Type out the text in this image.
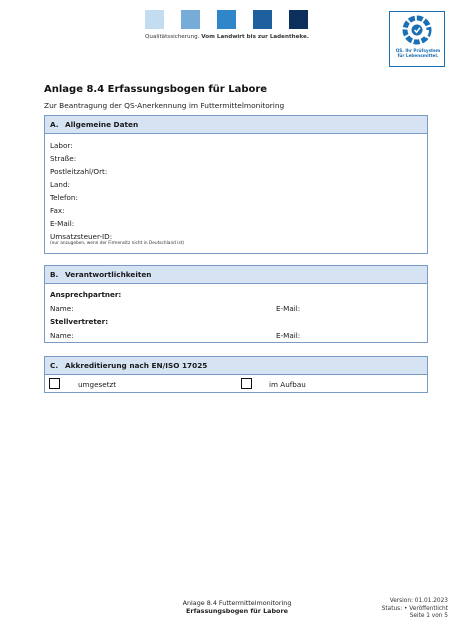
Qualitätssicherung. Vom Landwirt bis zur Ladentheke.
QS. Ihr Prüfsystem
für Lebensmittel.
Anlage 8.4 Erfassungsbogen für Labore
Zur Beantragung der QS-Anerkennung im Futtermittelmonitoring
A. Allgemeine Daten
Labor:
Straße:
Postleitzahl/Ort:
Land:
Telefon:
Fax:
E-Mail:
Umsatzsteuer-ID:
(nur anzugeben, wenn der Firmensitz nicht in Deutschland ist)
B. Verantwortlichkeiten
Ansprechpartner:
Name:	E-Mail:
Stellvertreter:
Name:	E-Mail:
C. Akkreditierung nach EN/ISO 17025
umgesetzt	im Aufbau
Anlage 8.4 Futtermittelmonitoring
Erfassungsbogen für Labore
Version: 01.01.2023
Status: • Veröffentlicht
Seite 1 von 5
